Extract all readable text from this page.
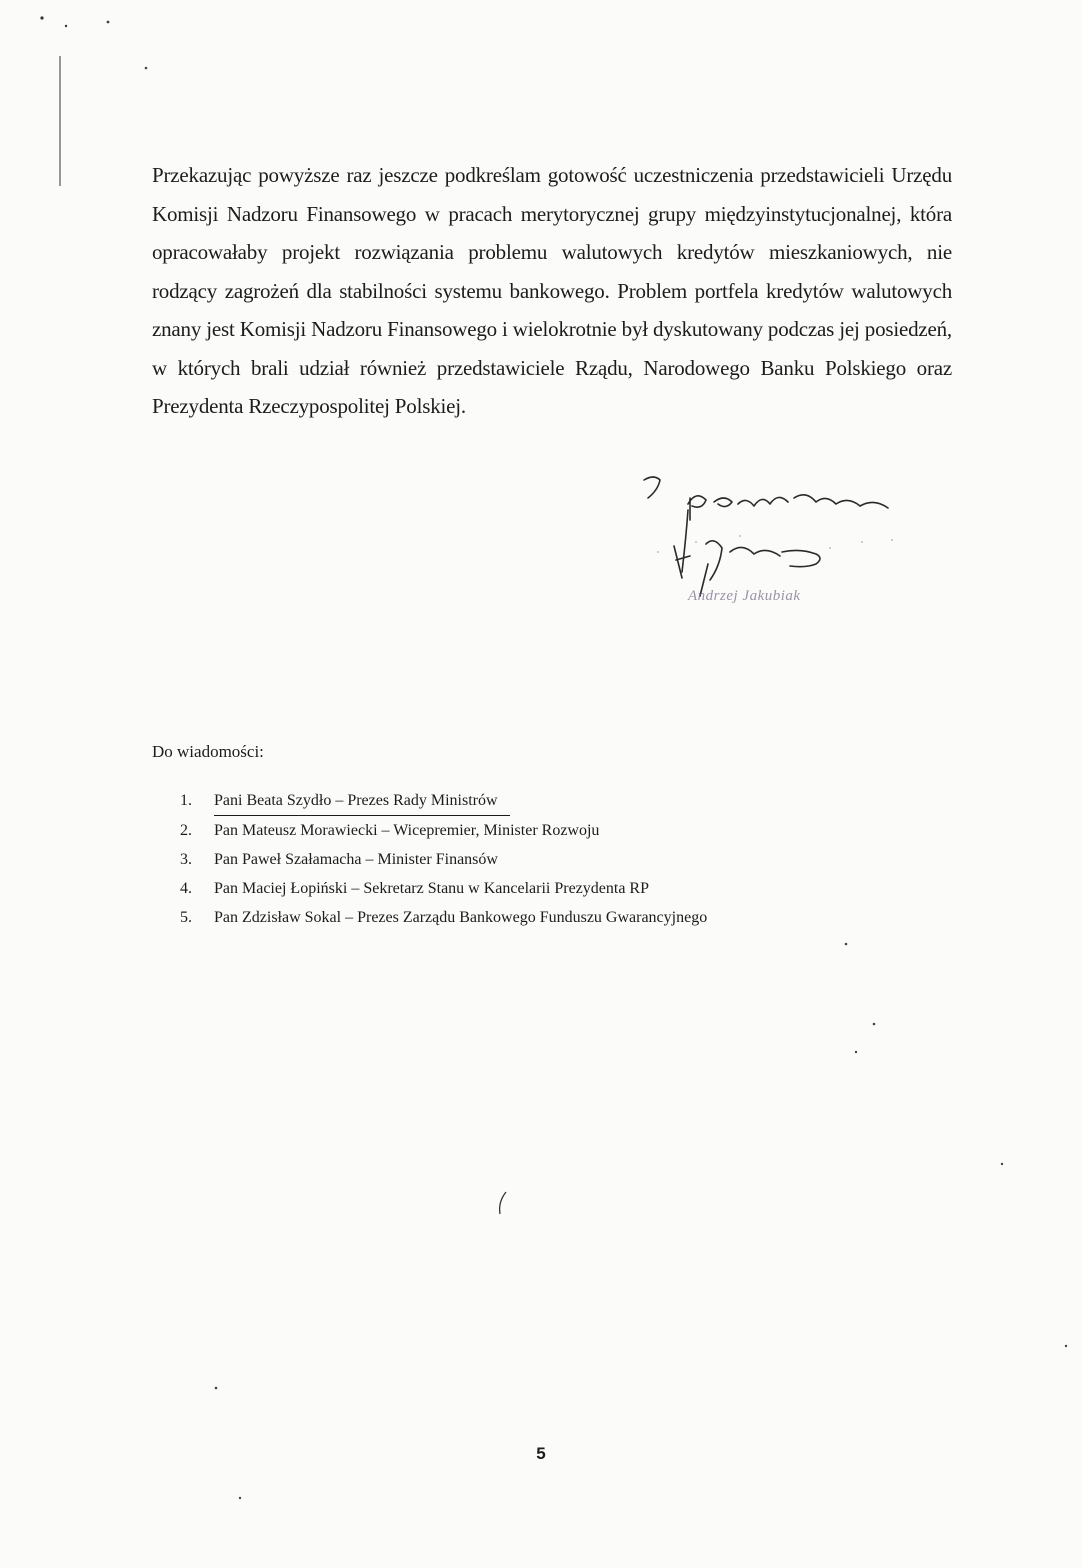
Przekazując powyższe raz jeszcze podkreślam gotowość uczestniczenia przedstawicieli Urzędu Komisji Nadzoru Finansowego w pracach merytorycznej grupy międzyinstytucjonalnej, która opracowałaby projekt rozwiązania problemu walutowych kredytów mieszkaniowych, nie rodzący zagrożeń dla stabilności systemu bankowego. Problem portfela kredytów walutowych znany jest Komisji Nadzoru Finansowego i wielokrotnie był dyskutowany podczas jej posiedzeń, w których brali udział również przedstawiciele Rządu, Narodowego Banku Polskiego oraz Prezydenta Rzeczypospolitej Polskiej.

Andrzej Jakubiak
Do wiadomości:
1.	Pani Beata Szydło – Prezes Rady Ministrów
2.	Pan Mateusz Morawiecki – Wicepremier, Minister Rozwoju
3.	Pan Paweł Szałamacha – Minister Finansów
4.	Pan Maciej Łopiński – Sekretarz Stanu w Kancelarii Prezydenta RP
5.	Pan Zdzisław Sokal – Prezes Zarządu Bankowego Funduszu Gwarancyjnego
5
